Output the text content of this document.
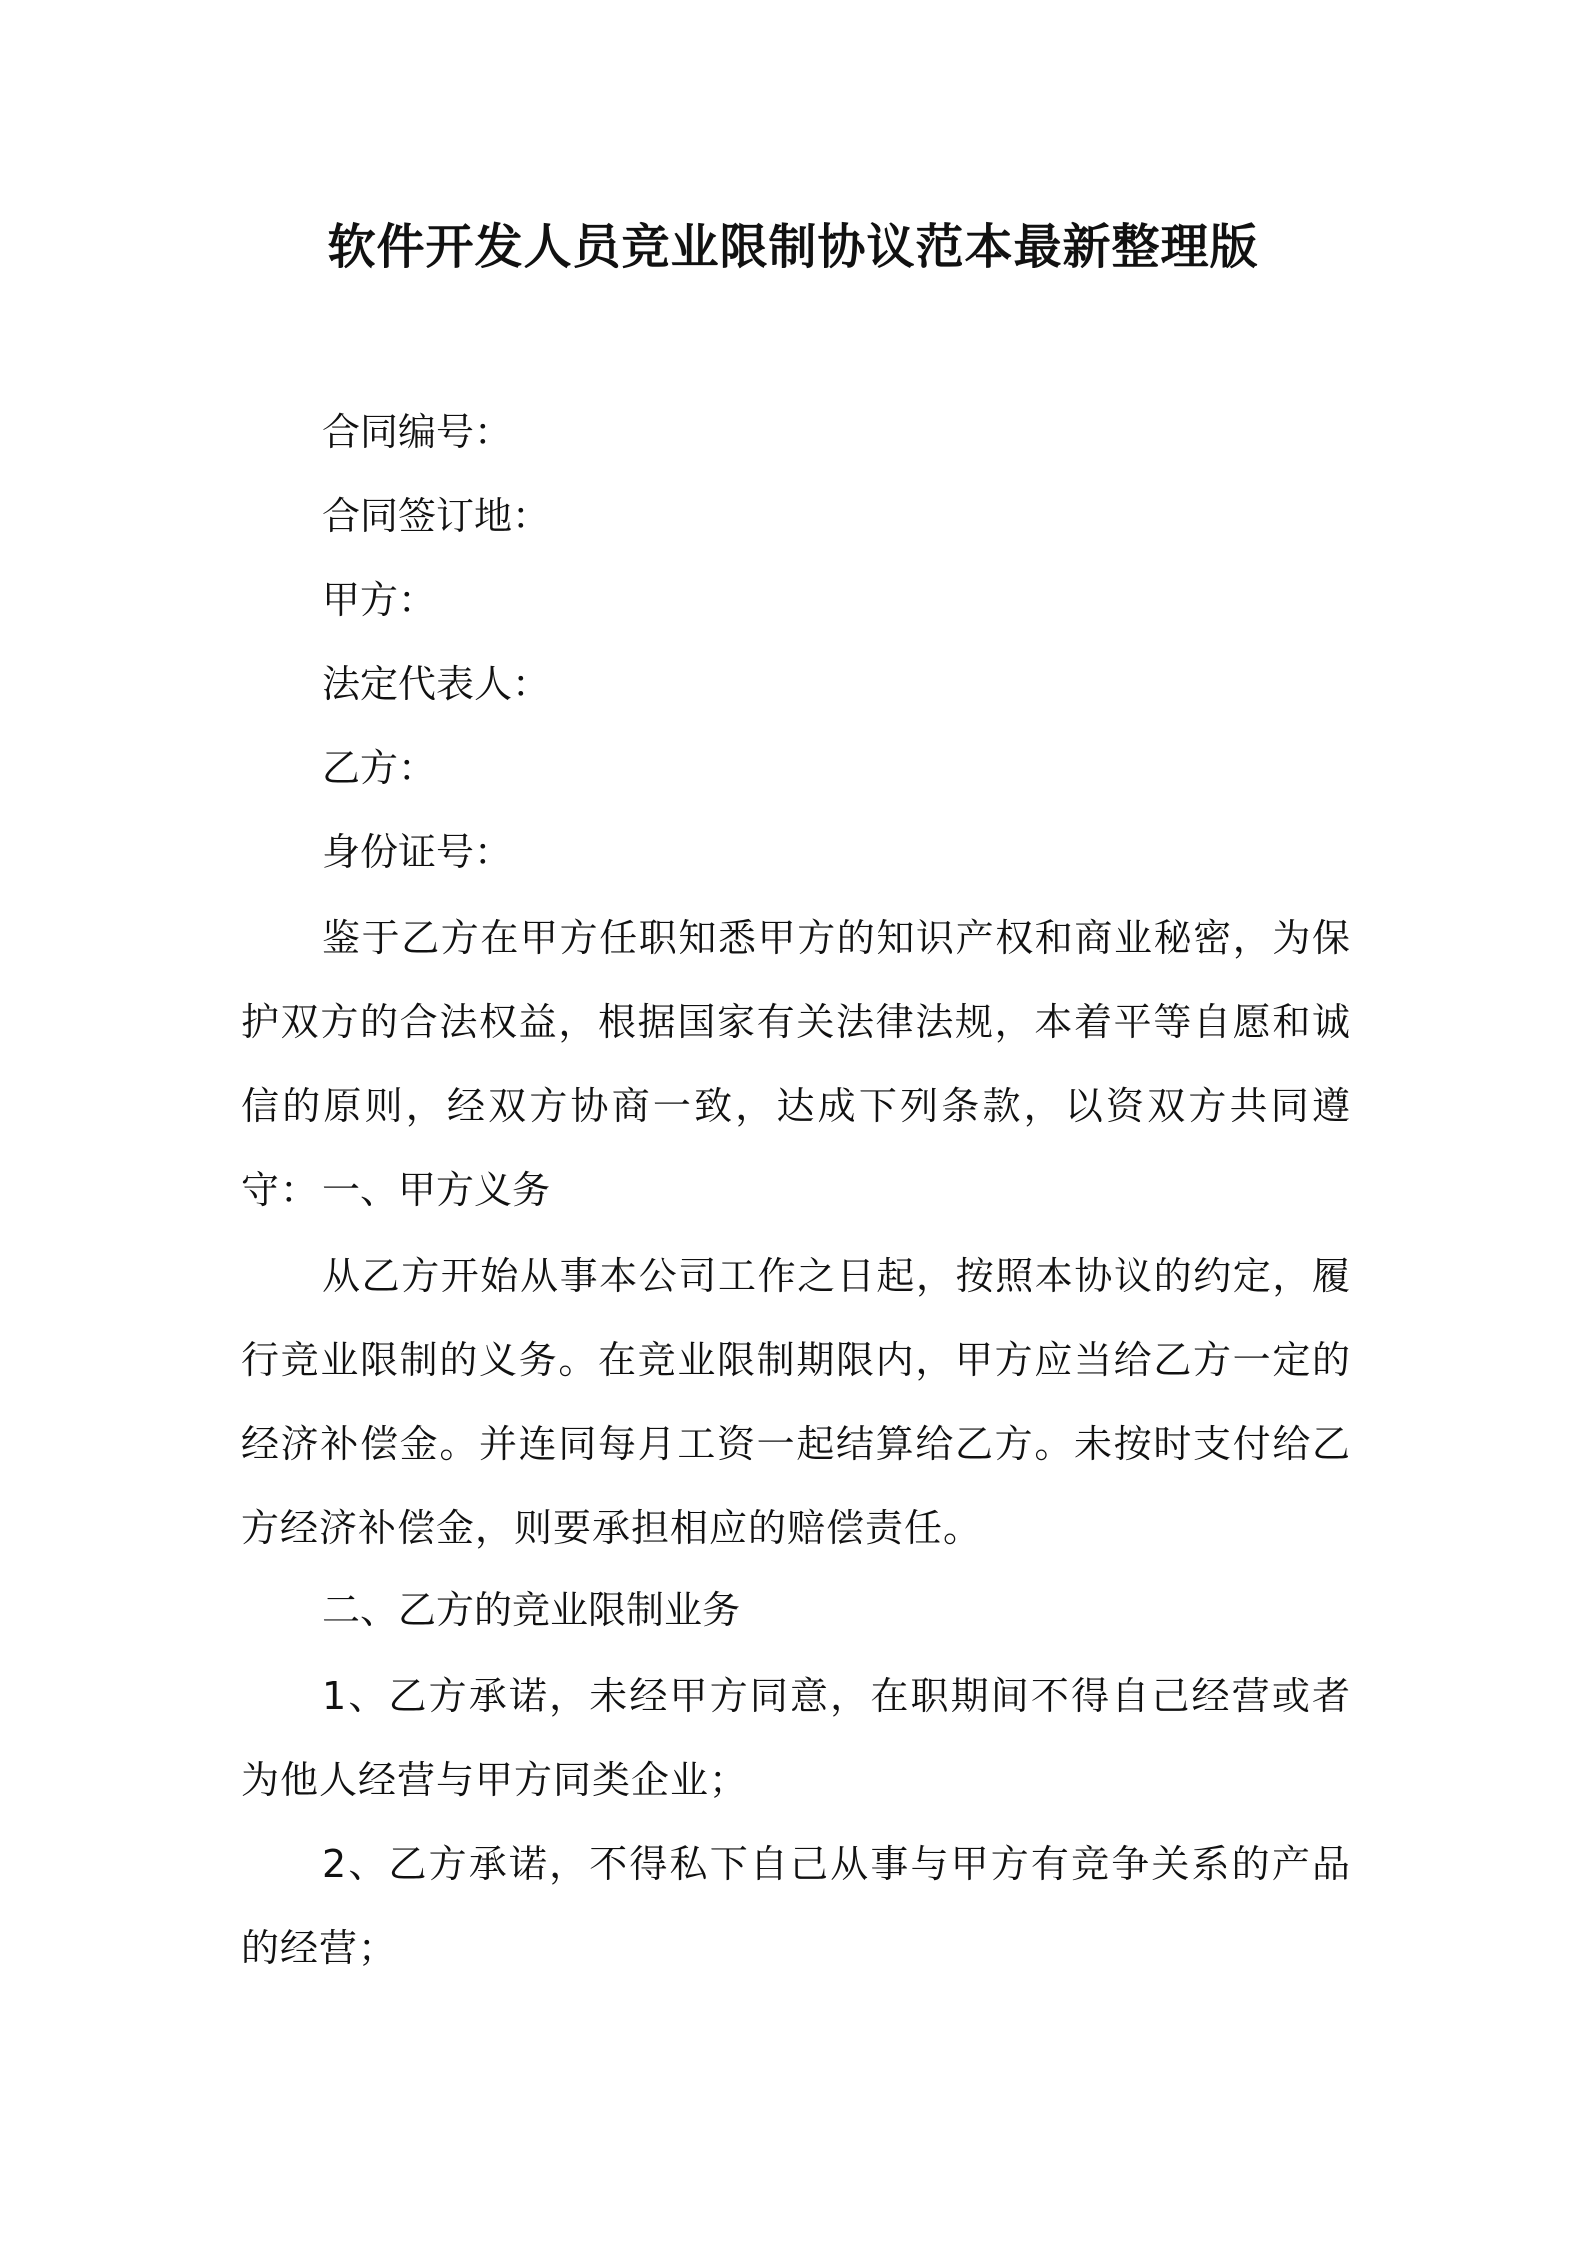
软件开发人员竞业限制协议范本最新整理版

合同编号：

合同签订地：

甲方：

法定代表人：

乙方：

身份证号：

鉴于乙方在甲方任职知悉甲方的知识产权和商业秘密，为保护双方的合法权益，根据国家有关法律法规，本着平等自愿和诚信的原则，经双方协商一致，达成下列条款，以资双方共同遵守： 一、甲方义务

从乙方开始从事本公司工作之日起，按照本协议的约定，履行竞业限制的义务。在竞业限制期限内，甲方应当给乙方一定的经济补偿金。并连同每月工资一起结算给乙方。未按时支付给乙方经济补偿金，则要承担相应的赔偿责任。

二、乙方的竞业限制业务

1、乙方承诺，未经甲方同意，在职期间不得自己经营或者为他人经营与甲方同类企业；

2、乙方承诺，不得私下自己从事与甲方有竞争关系的产品的经营；
